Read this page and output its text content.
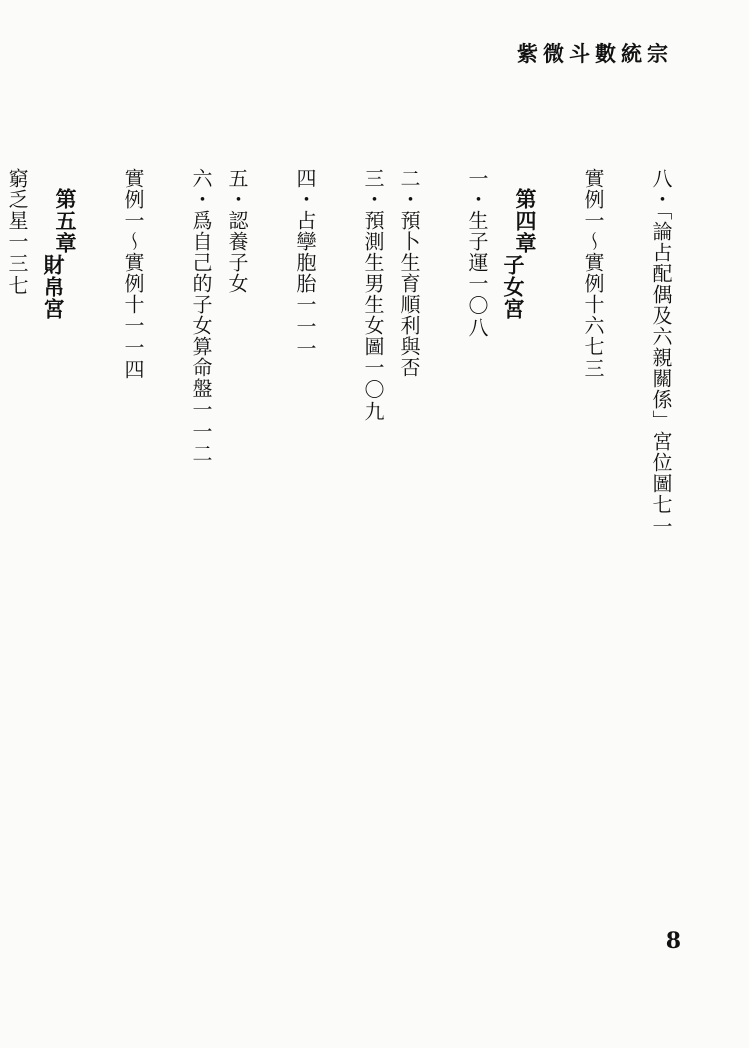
紫微斗數統宗
八・「論占配偶及六親關係」宮位圖
七一
實例一〜實例十六
七三
第四章
子女宮
一・生子運
一〇八
二・預卜生育順利與否
三・預測生男生女圖
一〇九
四・占孿胞胎
一一一
五・認養子女
六・爲自己的子女算命盤
一一二
實例一〜實例十
一一四
第五章
財帛宮
窮乏星
一三七
8
